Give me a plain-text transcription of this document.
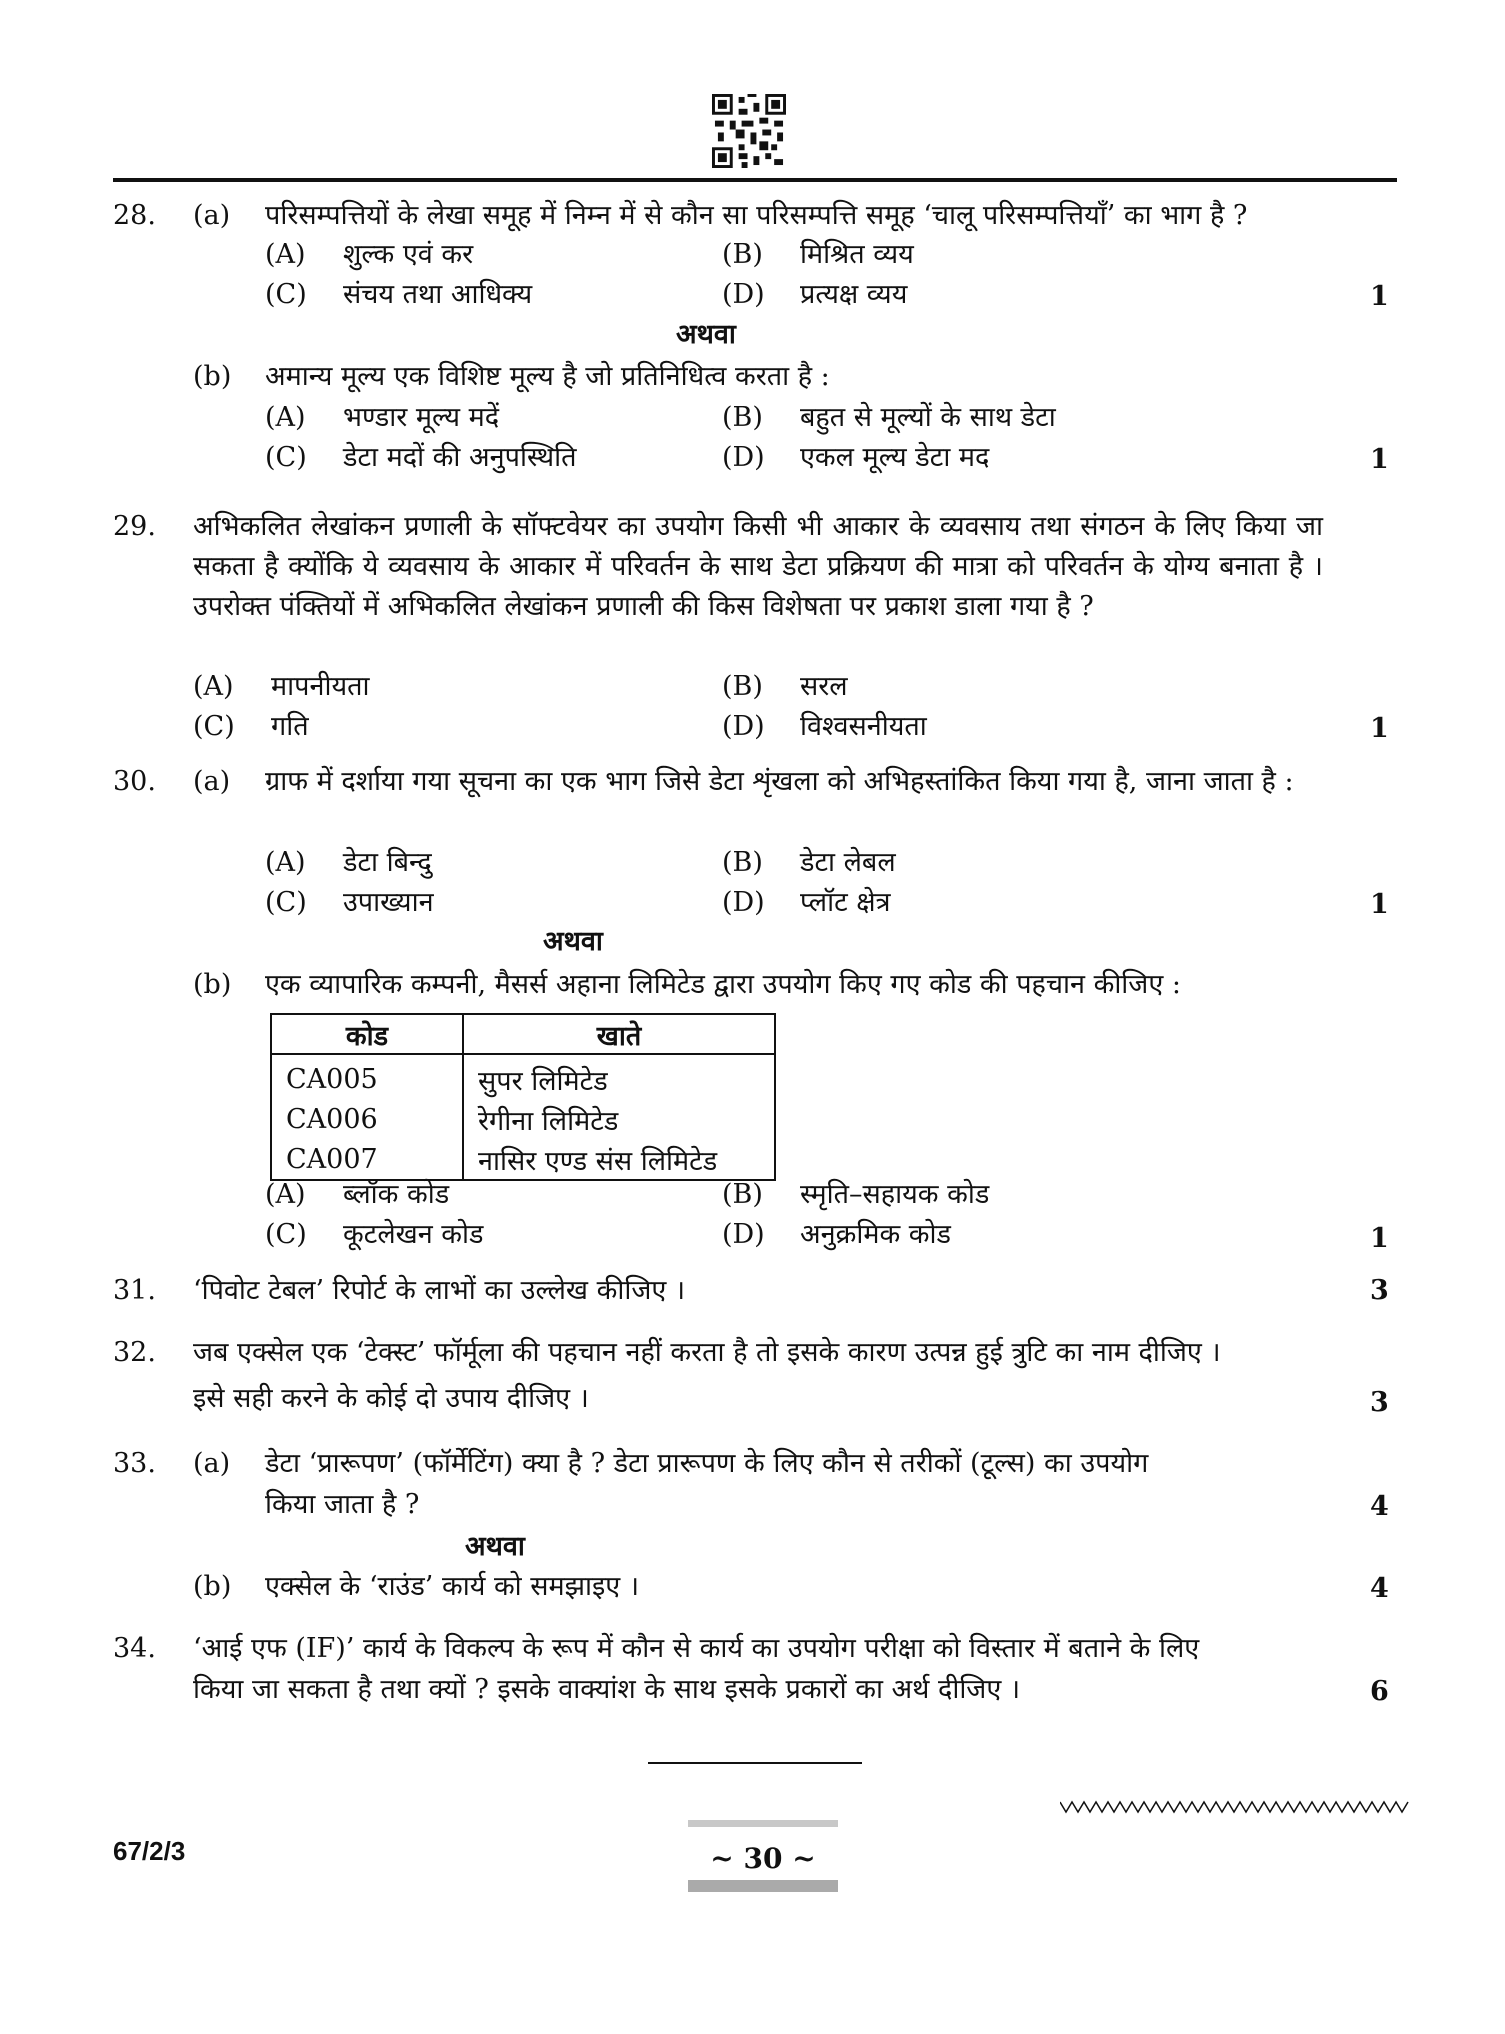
28. (a) परिसम्पत्तियों के लेखा समूह में निम्न में से कौन सा परिसम्पत्ति समूह ‘चालू परिसम्पत्तियाँ’ का भाग है ?
(A) शुल्क एवं कर	(B) मिश्रित व्यय
(C) संचय तथा आधिक्य	(D) प्रत्यक्ष व्यय	1
अथवा
(b) अमान्य मूल्य एक विशिष्ट मूल्य है जो प्रतिनिधित्व करता है :
(A) भण्डार मूल्य मदें	(B) बहुत से मूल्यों के साथ डेटा
(C) डेटा मदों की अनुपस्थिति	(D) एकल मूल्य डेटा मद	1
29. अभिकलित लेखांकन प्रणाली के सॉफ्टवेयर का उपयोग किसी भी आकार के व्यवसाय तथा संगठन के लिए किया जा सकता है क्योंकि ये व्यवसाय के आकार में परिवर्तन के साथ डेटा प्रक्रियण की मात्रा को परिवर्तन के योग्य बनाता है । उपरोक्त पंक्तियों में अभिकलित लेखांकन प्रणाली की किस विशेषता पर प्रकाश डाला गया है ?
(A) मापनीयता	(B) सरल
(C) गति	(D) विश्वसनीयता	1
30. (a) ग्राफ में दर्शाया गया सूचना का एक भाग जिसे डेटा शृंखला को अभिहस्तांकित किया गया है, जाना जाता है :
(A) डेटा बिन्दु	(B) डेटा लेबल
(C) उपाख्यान	(D) प्लॉट क्षेत्र	1
अथवा
(b) एक व्यापारिक कम्पनी, मैसर्स अहाना लिमिटेड द्वारा उपयोग किए गए कोड की पहचान कीजिए :
कोड	खाते
CA005	सुपर लिमिटेड
CA006	रेगीना लिमिटेड
CA007	नासिर एण्ड संस लिमिटेड
(A) ब्लॉक कोड	(B) स्मृति–सहायक कोड
(C) कूटलेखन कोड	(D) अनुक्रमिक कोड	1
31. ‘पिवोट टेबल’ रिपोर्ट के लाभों का उल्लेख कीजिए ।	3
32. जब एक्सेल एक ‘टेक्स्ट’ फॉर्मूला की पहचान नहीं करता है तो इसके कारण उत्पन्न हुई त्रुटि का नाम दीजिए ।
इसे सही करने के कोई दो उपाय दीजिए ।	3
33. (a) डेटा ‘प्रारूपण’ (फॉर्मेटिंग) क्या है ? डेटा प्रारूपण के लिए कौन से तरीकों (टूल्स) का उपयोग
किया जाता है ?	4
अथवा
(b) एक्सेल के ‘राउंड’ कार्य को समझाइए ।	4
34. ‘आई एफ (IF)’ कार्य के विकल्प के रूप में कौन से कार्य का उपयोग परीक्षा को विस्तार में बताने के लिए
किया जा सकता है तथा क्यों ? इसके वाक्यांश के साथ इसके प्रकारों का अर्थ दीजिए ।	6
67/2/3	~ 30 ~
